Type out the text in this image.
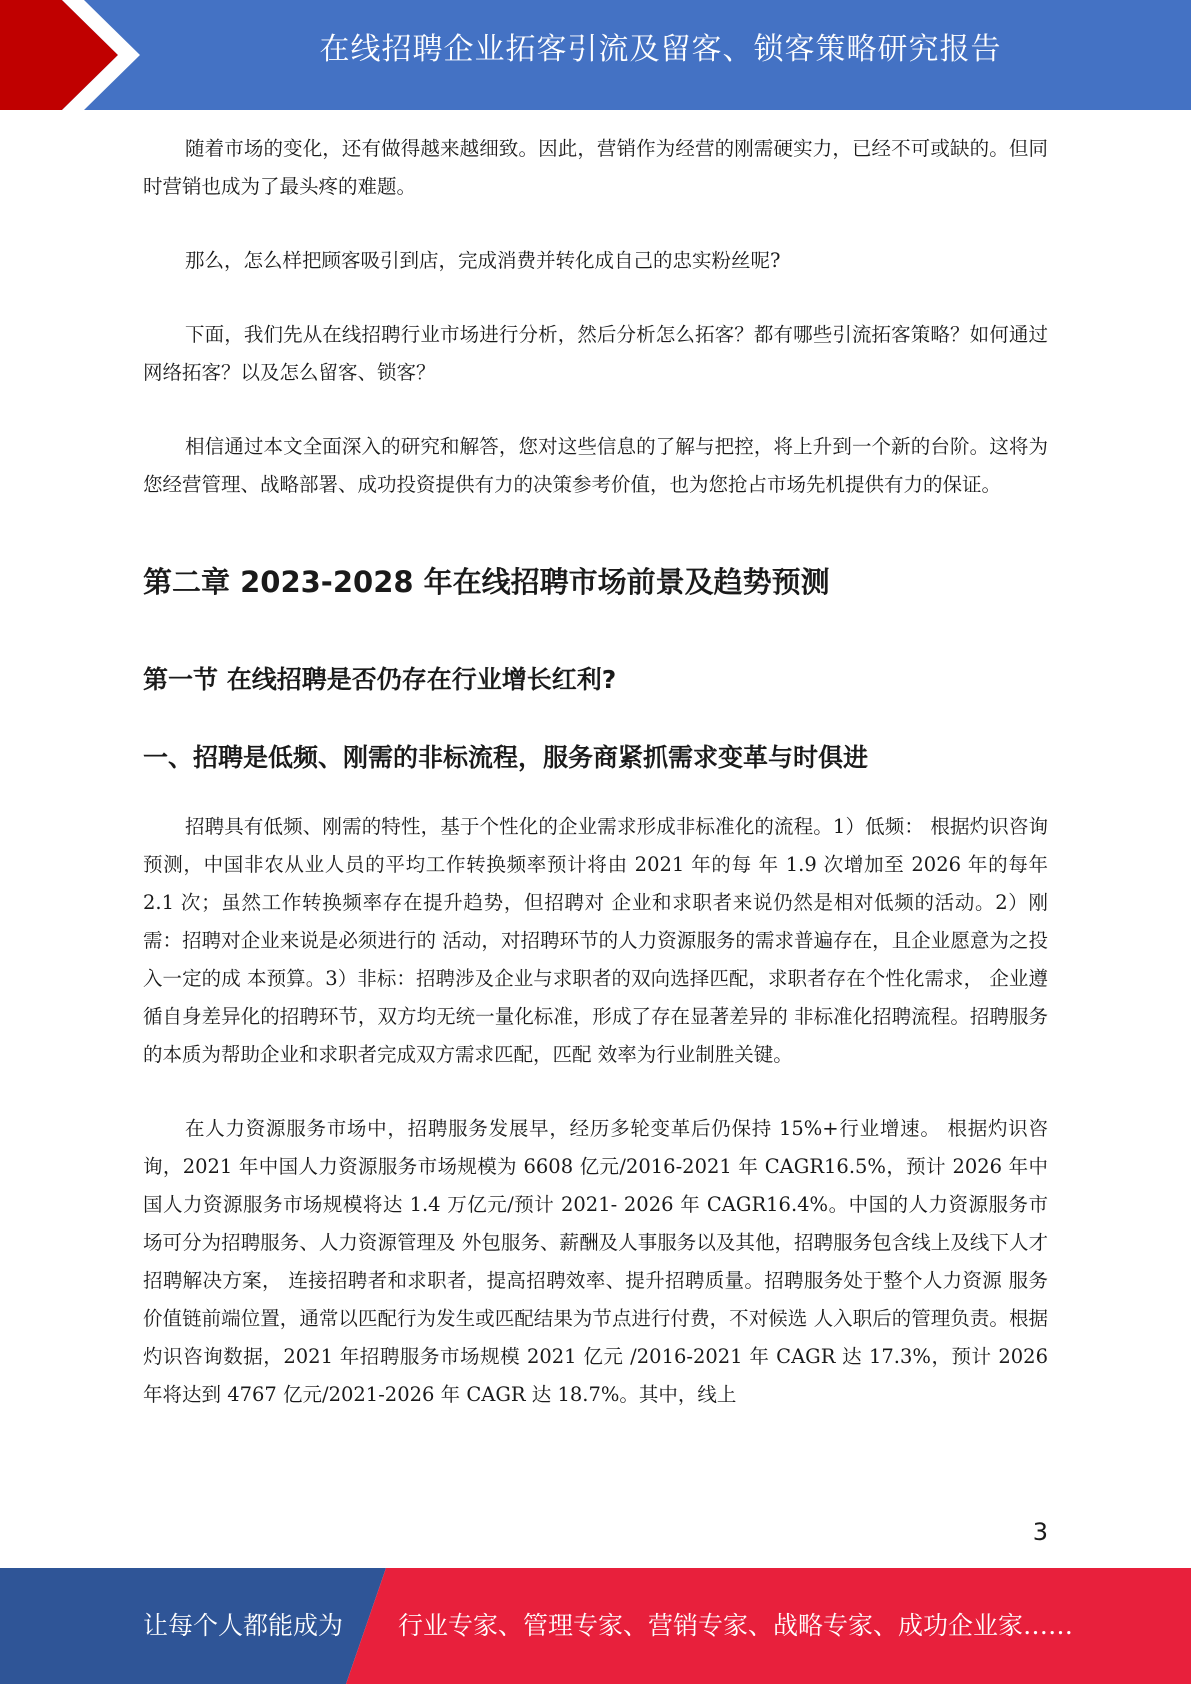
在线招聘企业拓客引流及留客、锁客策略研究报告

随着市场的变化，还有做得越来越细致。因此，营销作为经营的刚需硬实力，已经不可或缺的。但同时营销也成为了最头疼的难题。

那么，怎么样把顾客吸引到店，完成消费并转化成自己的忠实粉丝呢?

下面，我们先从在线招聘行业市场进行分析，然后分析怎么拓客？都有哪些引流拓客策略？如何通过网络拓客？以及怎么留客、锁客？

相信通过本文全面深入的研究和解答，您对这些信息的了解与把控，将上升到一个新的台阶。这将为您经营管理、战略部署、成功投资提供有力的决策参考价值，也为您抢占市场先机提供有力的保证。

第二章 2023-2028 年在线招聘市场前景及趋势预测
第一节 在线招聘是否仍存在行业增长红利?
一、招聘是低频、刚需的非标流程，服务商紧抓需求变革与时俱进

招聘具有低频、刚需的特性，基于个性化的企业需求形成非标准化的流程。1）低频： 根据灼识咨询预测，中国非农从业人员的平均工作转换频率预计将由 2021 年的每 年 1.9 次增加至 2026 年的每年 2.1 次；虽然工作转换频率存在提升趋势，但招聘对 企业和求职者来说仍然是相对低频的活动。2）刚需：招聘对企业来说是必须进行的 活动，对招聘环节的人力资源服务的需求普遍存在，且企业愿意为之投入一定的成 本预算。3）非标：招聘涉及企业与求职者的双向选择匹配，求职者存在个性化需求， 企业遵循自身差异化的招聘环节，双方均无统一量化标准，形成了存在显著差异的 非标准化招聘流程。招聘服务的本质为帮助企业和求职者完成双方需求匹配，匹配 效率为行业制胜关键。

在人力资源服务市场中，招聘服务发展早，经历多轮变革后仍保持 15%+行业增速。 根据灼识咨询，2021 年中国人力资源服务市场规模为 6608 亿元/2016-2021 年 CAGR16.5%，预计 2026 年中国人力资源服务市场规模将达 1.4 万亿元/预计 2021- 2026 年 CAGR16.4%。中国的人力资源服务市场可分为招聘服务、人力资源管理及 外包服务、薪酬及人事服务以及其他，招聘服务包含线上及线下人才招聘解决方案， 连接招聘者和求职者，提高招聘效率、提升招聘质量。招聘服务处于整个人力资源 服务价值链前端位置，通常以匹配行为发生或匹配结果为节点进行付费，不对候选 人入职后的管理负责。根据灼识咨询数据，2021 年招聘服务市场规模 2021 亿元 /2016-2021 年 CAGR 达 17.3%，预计 2026 年将达到 4767 亿元/2021-2026 年 CAGR 达 18.7%。其中，线上

3
让每个人都能成为 行业专家、管理专家、营销专家、战略专家、成功企业家……
